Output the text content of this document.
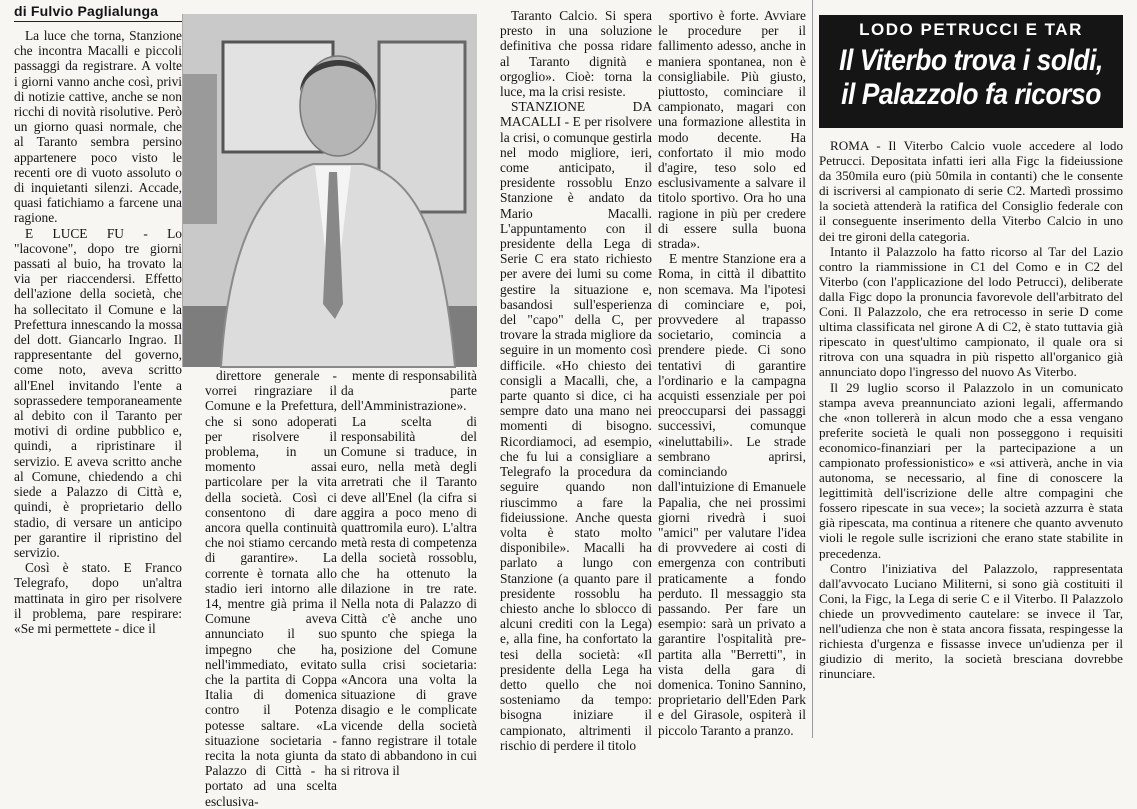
di Fulvio Paglialunga

La luce che torna, Stanzione che incontra Macalli e piccoli passaggi da registrare. A volte i giorni vanno anche così, privi di notizie cattive, anche se non ricchi di novità risolutive. Però un giorno quasi normale, che al Taranto sembra persino appartenere poco visto le recenti ore di vuoto assoluto o di inquietanti silenzi. Accade, quasi fatichiamo a farcene una ragione.

E LUCE FU - Lo "lacovone", dopo tre giorni passati al buio, ha trovato la via per riaccendersi. Effetto dell'azione della società, che ha sollecitato il Comune e la Prefettura innescando la mossa del dott. Giancarlo Ingrao. Il rappresentante del governo, come noto, aveva scritto all'Enel invitando l'ente a soprassedere temporaneamente al debito con il Taranto per motivi di ordine pubblico e, quindi, a ripristinare il servizio. E aveva scritto anche al Comune, chiedendo a chi siede a Palazzo di Città e, quindi, è proprietario dello stadio, di versare un anticipo per garantire il ripristino del servizio.

Così è stato. E Franco Telegrafo, dopo un'altra mattinata in giro per risolvere il problema, pare respirare: «Se mi permettete - dice il

direttore generale - vorrei ringraziare il Comune e la Prefettura, che si sono adoperati per risolvere il problema, in un momento assai particolare per la vita della società. Così ci consentono di dare ancora quella continuità che noi stiamo cercando di garantire». La corrente è tornata allo stadio ieri intorno alle 14, mentre già prima il Comune aveva annunciato il suo impegno che ha, nell'immediato, evitato che la partita di Coppa Italia di domenica contro il Potenza potesse saltare. «La situazione societaria - recita la nota giunta da Palazzo di Città - ha portato ad una scelta esclusiva-

mente di responsabilità da parte dell'Amministrazione».

La scelta di responsabilità del Comune si traduce, in euro, nella metà degli arretrati che il Taranto deve all'Enel (la cifra si aggira a poco meno di quattromila euro). L'altra metà resta di competenza della società rossoblu, che ha ottenuto la dilazione in tre rate. Nella nota di Palazzo di Città c'è anche uno spunto che spiega la posizione del Comune sulla crisi societaria: «Ancora una volta la situazione di grave disagio e le complicate vicende della società fanno registrare il totale stato di abbandono in cui si ritrova il

Taranto Calcio. Si spera presto in una soluzione definitiva che possa ridare al Taranto dignità e orgoglio». Cioè: torna la luce, ma la crisi resiste.

STANZIONE DA MACALLI - E per risolvere la crisi, o comunque gestirla nel modo migliore, ieri, come anticipato, il presidente rossoblu Enzo Stanzione è andato da Mario Macalli. L'appuntamento con il presidente della Lega di Serie C era stato richiesto per avere dei lumi su come gestire la situazione e, basandosi sull'esperienza del "capo" della C, per trovare la strada migliore da seguire in un momento così difficile. «Ho chiesto dei consigli a Macalli, che, a parte quanto si dice, ci ha sempre dato una mano nei momenti di bisogno. Ricordiamoci, ad esempio, che fu lui a consigliare a Telegrafo la procedura da seguire quando non riuscimmo a fare la fideiussione. Anche questa volta è stato molto disponibile». Macalli ha parlato a lungo con Stanzione (a quanto pare il presidente rossoblu ha chiesto anche lo sblocco di alcuni crediti con la Lega) e, alla fine, ha confortato la tesi della società: «Il presidente della Lega ha detto quello che noi sosteniamo da tempo: bisogna iniziare il campionato, altrimenti il rischio di perdere il titolo

sportivo è forte. Avviare le procedure per il fallimento adesso, anche in maniera spontanea, non è consigliabile. Più giusto, piuttosto, cominciare il campionato, magari con una formazione allestita in modo decente. Ha confortato il mio modo d'agire, teso solo ed esclusivamente a salvare il titolo sportivo. Ora ho una ragione in più per credere di essere sulla buona strada».

E mentre Stanzione era a Roma, in città il dibattito non scemava. Ma l'ipotesi di cominciare e, poi, provvedere al trapasso societario, comincia a prendere piede. Ci sono tentativi di garantire l'ordinario e la campagna acquisti essenziale per poi preoccuparsi dei passaggi successivi, comunque «ineluttabili». Le strade sembrano aprirsi, cominciando dall'intuizione di Emanuele Papalia, che nei prossimi giorni rivedrà i suoi "amici" per valutare l'idea di provvedere ai costi di emergenza con contributi praticamente a fondo perduto. Il messaggio sta passando. Per fare un esempio: sarà un privato a garantire l'ospitalità pre-partita alla "Berretti", in vista della gara di domenica. Tonino Sannino, proprietario dell'Eden Park e del Girasole, ospiterà il piccolo Taranto a pranzo.

LODO PETRUCCI E TAR
Il Viterbo trova i soldi,
il Palazzolo fa ricorso

ROMA - Il Viterbo Calcio vuole accedere al lodo Petrucci. Depositata infatti ieri alla Figc la fideiussione da 350mila euro (più 50mila in contanti) che le consente di iscriversi al campionato di serie C2. Martedì prossimo la società attenderà la ratifica del Consiglio federale con il conseguente inserimento della Viterbo Calcio in uno dei tre gironi della categoria.

Intanto il Palazzolo ha fatto ricorso al Tar del Lazio contro la riammissione in C1 del Como e in C2 del Viterbo (con l'applicazione del lodo Petrucci), deliberate dalla Figc dopo la pronuncia favorevole dell'arbitrato del Coni. Il Palazzolo, che era retrocesso in serie D come ultima classificata nel girone A di C2, è stato tuttavia già ripescato in quest'ultimo campionato, il quale ora si ritrova con una squadra in più rispetto all'organico già annunciato dopo l'ingresso del nuovo As Viterbo.

Il 29 luglio scorso il Palazzolo in un comunicato stampa aveva preannunciato azioni legali, affermando che «non tollererà in alcun modo che a essa vengano preferite società le quali non posseggono i requisiti economico-finanziari per la partecipazione a un campionato professionistico» e «si attiverà, anche in via autonoma, se necessario, al fine di conoscere la legittimità dell'iscrizione delle altre compagini che fossero ripescate in sua vece»; la società azzurra è stata già ripescata, ma continua a ritenere che quanto avvenuto violi le regole sulle iscrizioni che erano state stabilite in precedenza.

Contro l'iniziativa del Palazzolo, rappresentata dall'avvocato Luciano Militerni, si sono già costituiti il Coni, la Figc, la Lega di serie C e il Viterbo. Il Palazzolo chiede un provvedimento cautelare: se invece il Tar, nell'udienza che non è stata ancora fissata, respingesse la richiesta d'urgenza e fissasse invece un'udienza per il giudizio di merito, la società bresciana dovrebbe rinunciare.
